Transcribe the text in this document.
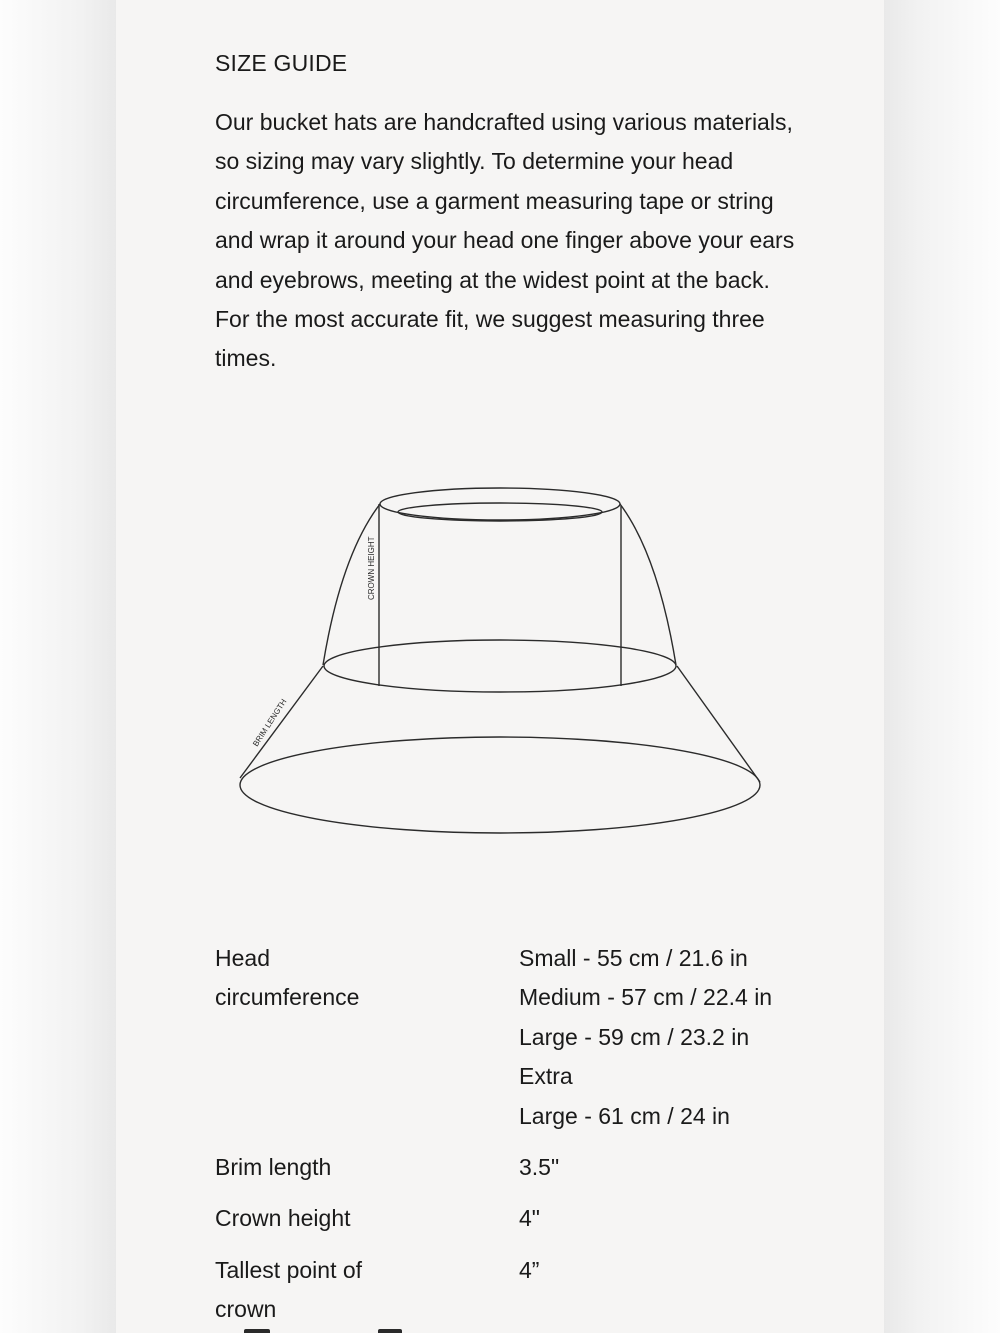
SIZE GUIDE

Our bucket hats are handcrafted using various materials, so sizing may vary slightly. To determine your head circumference, use a garment measuring tape or string and wrap it around your head one finger above your ears and eyebrows, meeting at the widest point at the back. For the most accurate fit, we suggest measuring three times.

CROWN HEIGHT
BRIM LENGTH
Head
circumference
Small - 55 cm / 21.6 in
Medium - 57 cm / 22.4 in
Large - 59 cm / 23.2 in
Extra
Large - 61 cm / 24 in
Brim length	3.5"
Crown height	4"
Tallest point of
crown
4”
